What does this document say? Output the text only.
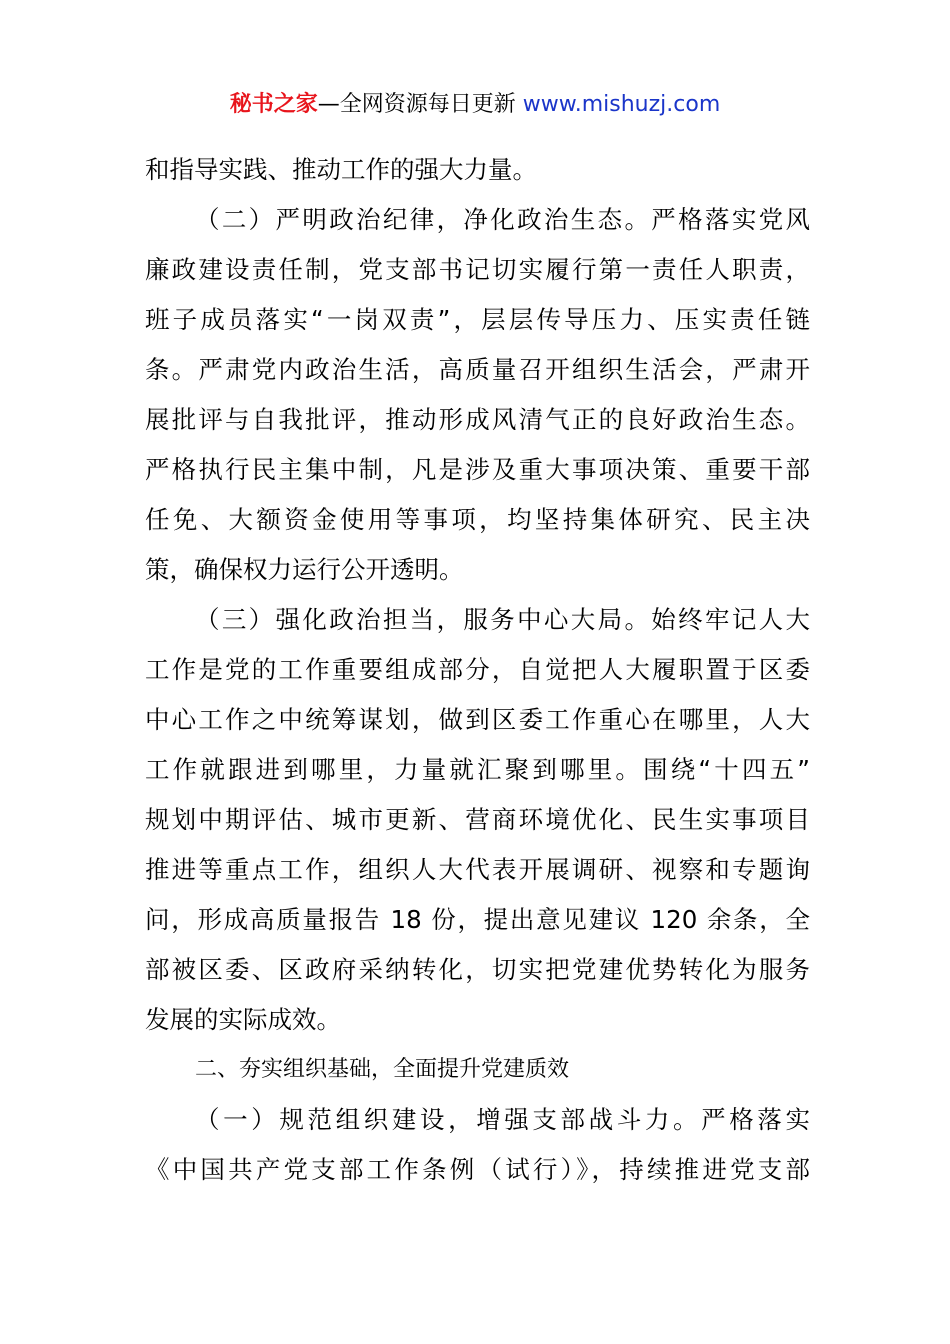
秘书之家—全网资源每日更新 www.mishuzj.com
和指导实践、推动工作的强大力量。
（二）严明政治纪律，净化政治生态。严格落实党风
廉政建设责任制，党支部书记切实履行第一责任人职责，
班子成员落实“一岗双责”，层层传导压力、压实责任链
条。严肃党内政治生活，高质量召开组织生活会，严肃开
展批评与自我批评，推动形成风清气正的良好政治生态。
严格执行民主集中制，凡是涉及重大事项决策、重要干部
任免、大额资金使用等事项，均坚持集体研究、民主决
策，确保权力运行公开透明。
（三）强化政治担当，服务中心大局。始终牢记人大
工作是党的工作重要组成部分，自觉把人大履职置于区委
中心工作之中统筹谋划，做到区委工作重心在哪里，人大
工作就跟进到哪里，力量就汇聚到哪里。围绕“十四五”
规划中期评估、城市更新、营商环境优化、民生实事项目
推进等重点工作，组织人大代表开展调研、视察和专题询
问，形成高质量报告 18 份，提出意见建议 120 余条，全
部被区委、区政府采纳转化，切实把党建优势转化为服务
发展的实际成效。
二、夯实组织基础，全面提升党建质效
（一）规范组织建设，增强支部战斗力。严格落实
《中国共产党支部工作条例（试行）》，持续推进党支部
